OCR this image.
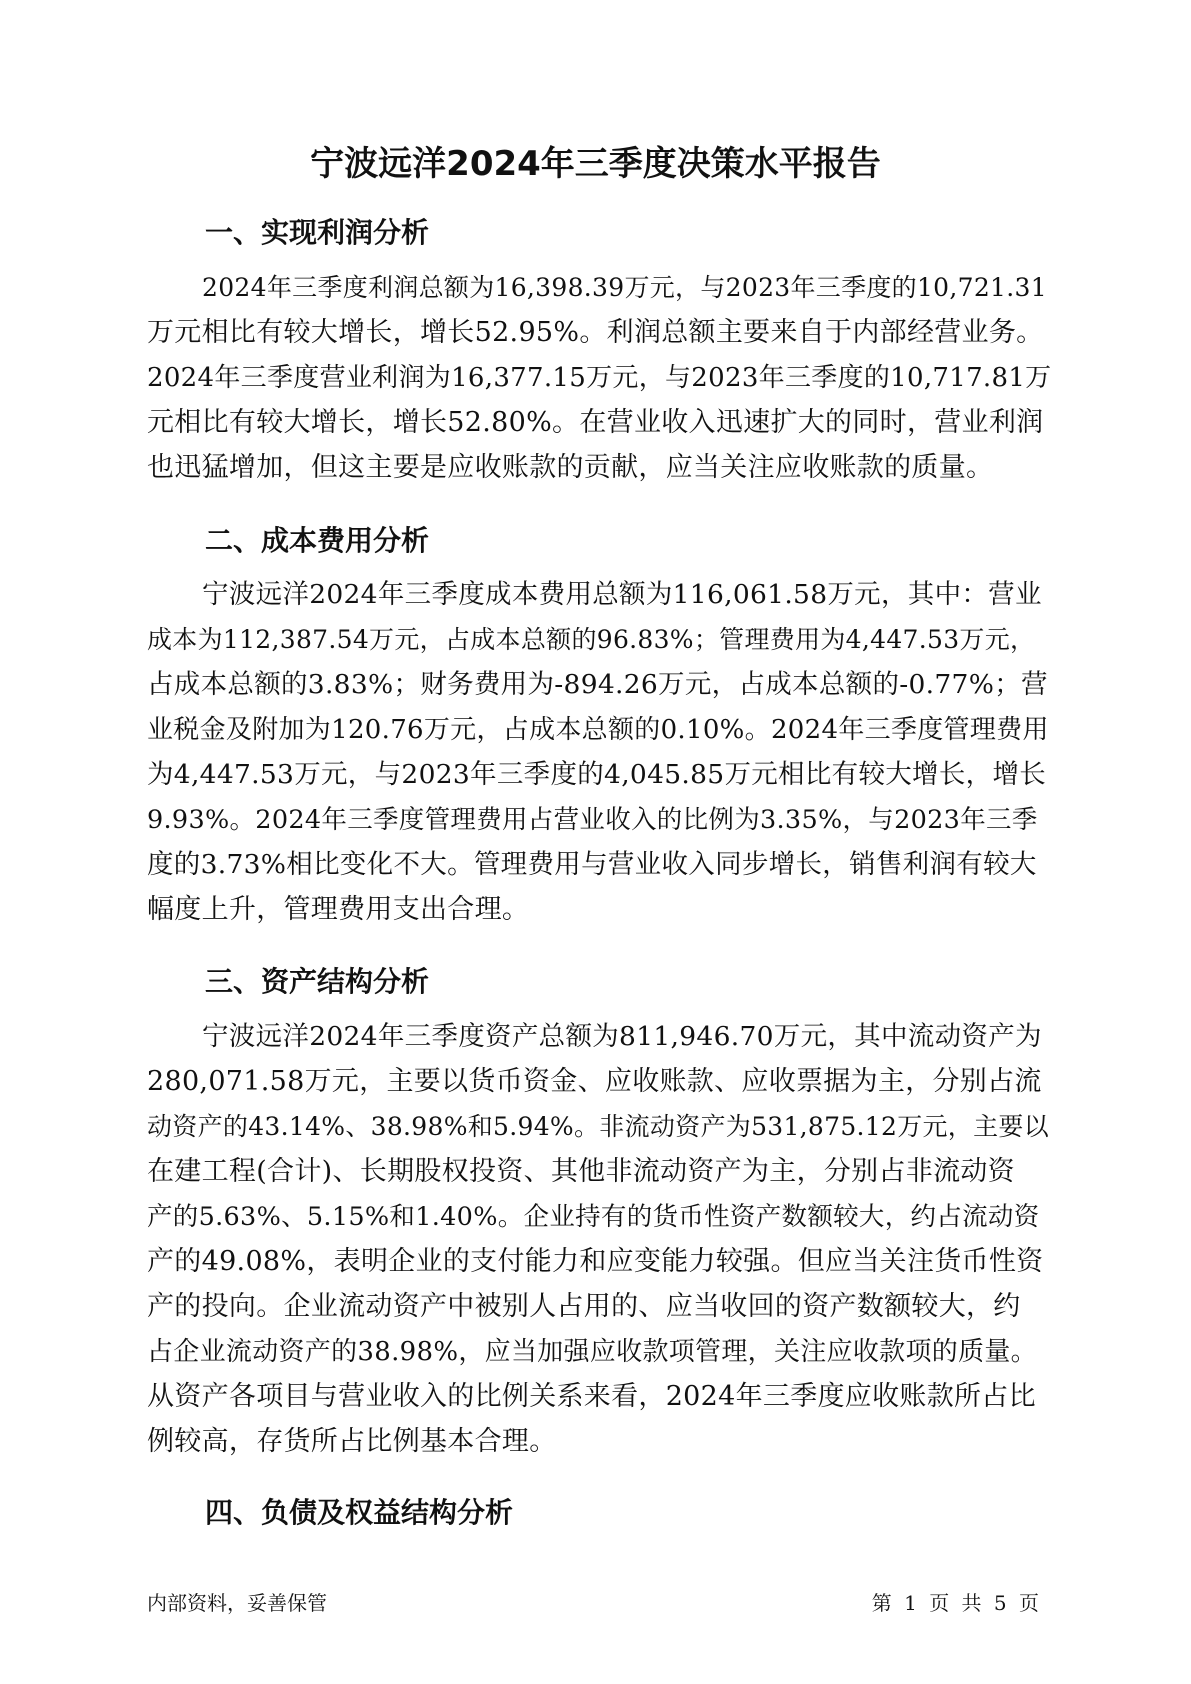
宁波远洋2024年三季度决策水平报告
一、实现利润分析
2024年三季度利润总额为16,398.39万元，与2023年三季度的10,721.31
万元相比有较大增长，增长52.95%。利润总额主要来自于内部经营业务。
2024年三季度营业利润为16,377.15万元，与2023年三季度的10,717.81万
元相比有较大增长，增长52.80%。在营业收入迅速扩大的同时，营业利润
也迅猛增加，但这主要是应收账款的贡献，应当关注应收账款的质量。
二、成本费用分析
宁波远洋2024年三季度成本费用总额为116,061.58万元，其中：营业
成本为112,387.54万元，占成本总额的96.83%；管理费用为4,447.53万元，
占成本总额的3.83%；财务费用为-894.26万元，占成本总额的-0.77%；营
业税金及附加为120.76万元，占成本总额的0.10%。2024年三季度管理费用
为4,447.53万元，与2023年三季度的4,045.85万元相比有较大增长，增长
9.93%。2024年三季度管理费用占营业收入的比例为3.35%，与2023年三季
度的3.73%相比变化不大。管理费用与营业收入同步增长，销售利润有较大
幅度上升，管理费用支出合理。
三、资产结构分析
宁波远洋2024年三季度资产总额为811,946.70万元，其中流动资产为
280,071.58万元，主要以货币资金、应收账款、应收票据为主，分别占流
动资产的43.14%、38.98%和5.94%。非流动资产为531,875.12万元，主要以
在建工程(合计)、长期股权投资、其他非流动资产为主，分别占非流动资
产的5.63%、5.15%和1.40%。企业持有的货币性资产数额较大，约占流动资
产的49.08%，表明企业的支付能力和应变能力较强。但应当关注货币性资
产的投向。企业流动资产中被别人占用的、应当收回的资产数额较大，约
占企业流动资产的38.98%，应当加强应收款项管理，关注应收款项的质量。
从资产各项目与营业收入的比例关系来看，2024年三季度应收账款所占比
例较高，存货所占比例基本合理。
四、负债及权益结构分析
内部资料，妥善保管	第 1 页 共 5 页
